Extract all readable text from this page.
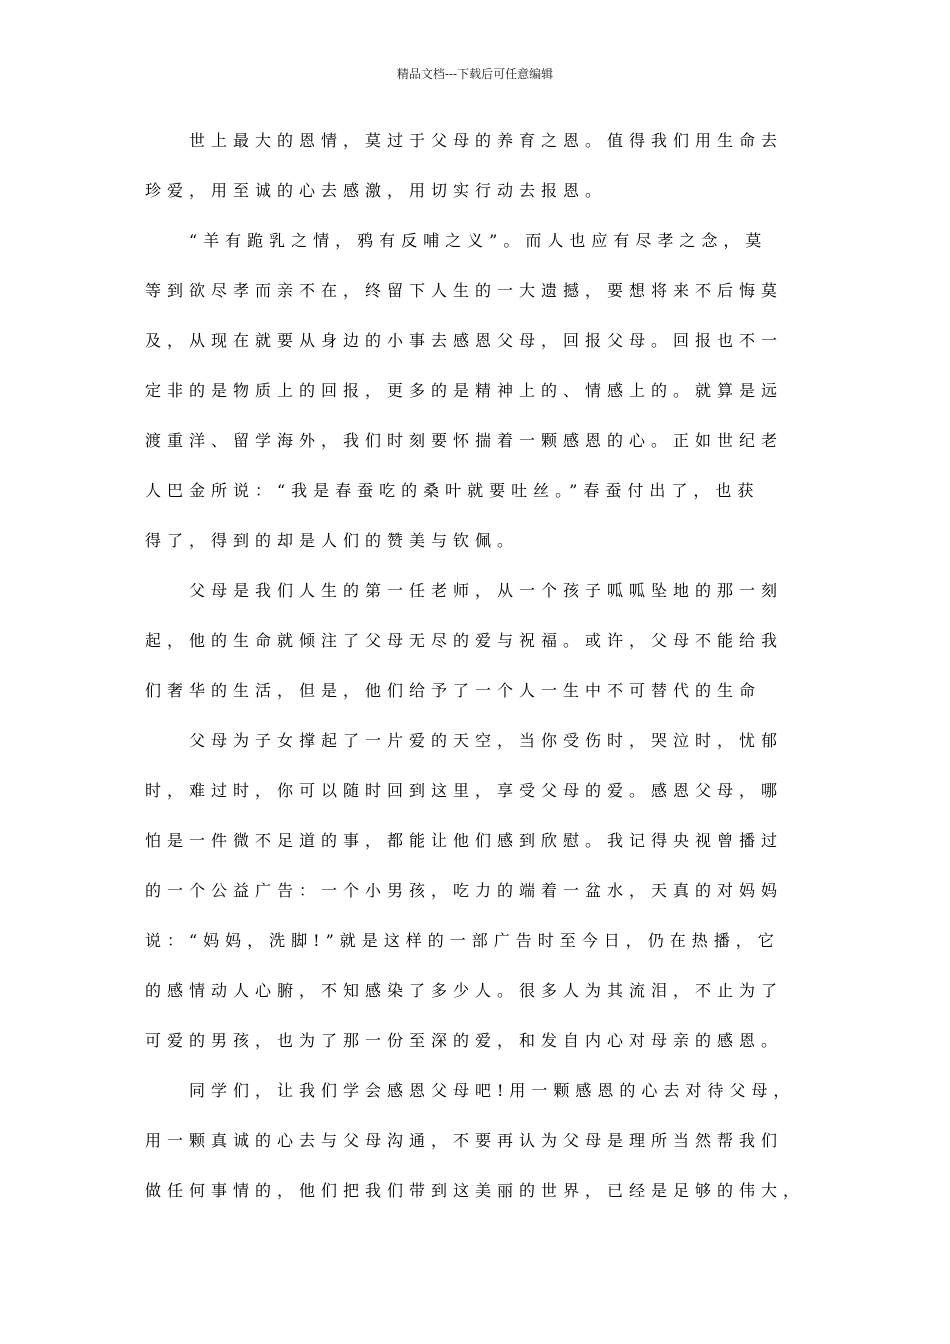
精品文档---下载后可任意编辑
世上最大的恩情，莫过于父母的养育之恩。值得我们用生命去
珍爱，用至诚的心去感激，用切实行动去报恩。
“羊有跪乳之情，鸦有反哺之义”。而人也应有尽孝之念，莫
等到欲尽孝而亲不在，终留下人生的一大遗撼，要想将来不后悔莫
及，从现在就要从身边的小事去感恩父母，回报父母。回报也不一
定非的是物质上的回报，更多的是精神上的、情感上的。就算是远
渡重洋、留学海外，我们时刻要怀揣着一颗感恩的心。正如世纪老
人巴金所说：“我是春蚕吃的桑叶就要吐丝。”春蚕付出了，也获
得了，得到的却是人们的赞美与钦佩。
父母是我们人生的第一任老师，从一个孩子呱呱坠地的那一刻
起，他的生命就倾注了父母无尽的爱与祝福。或许，父母不能给我
们奢华的生活，但是，他们给予了一个人一生中不可替代的生命
父母为子女撑起了一片爱的天空，当你受伤时，哭泣时，忧郁
时，难过时，你可以随时回到这里，享受父母的爱。感恩父母，哪
怕是一件微不足道的事，都能让他们感到欣慰。我记得央视曾播过
的一个公益广告：一个小男孩，吃力的端着一盆水，天真的对妈妈
说：“妈妈，洗脚!”就是这样的一部广告时至今日，仍在热播，它
的感情动人心腑，不知感染了多少人。很多人为其流泪，不止为了
可爱的男孩，也为了那一份至深的爱，和发自内心对母亲的感恩。
同学们，让我们学会感恩父母吧!用一颗感恩的心去对待父母，
用一颗真诚的心去与父母沟通，不要再认为父母是理所当然帮我们
做任何事情的，他们把我们带到这美丽的世界，已经是足够的伟大，
